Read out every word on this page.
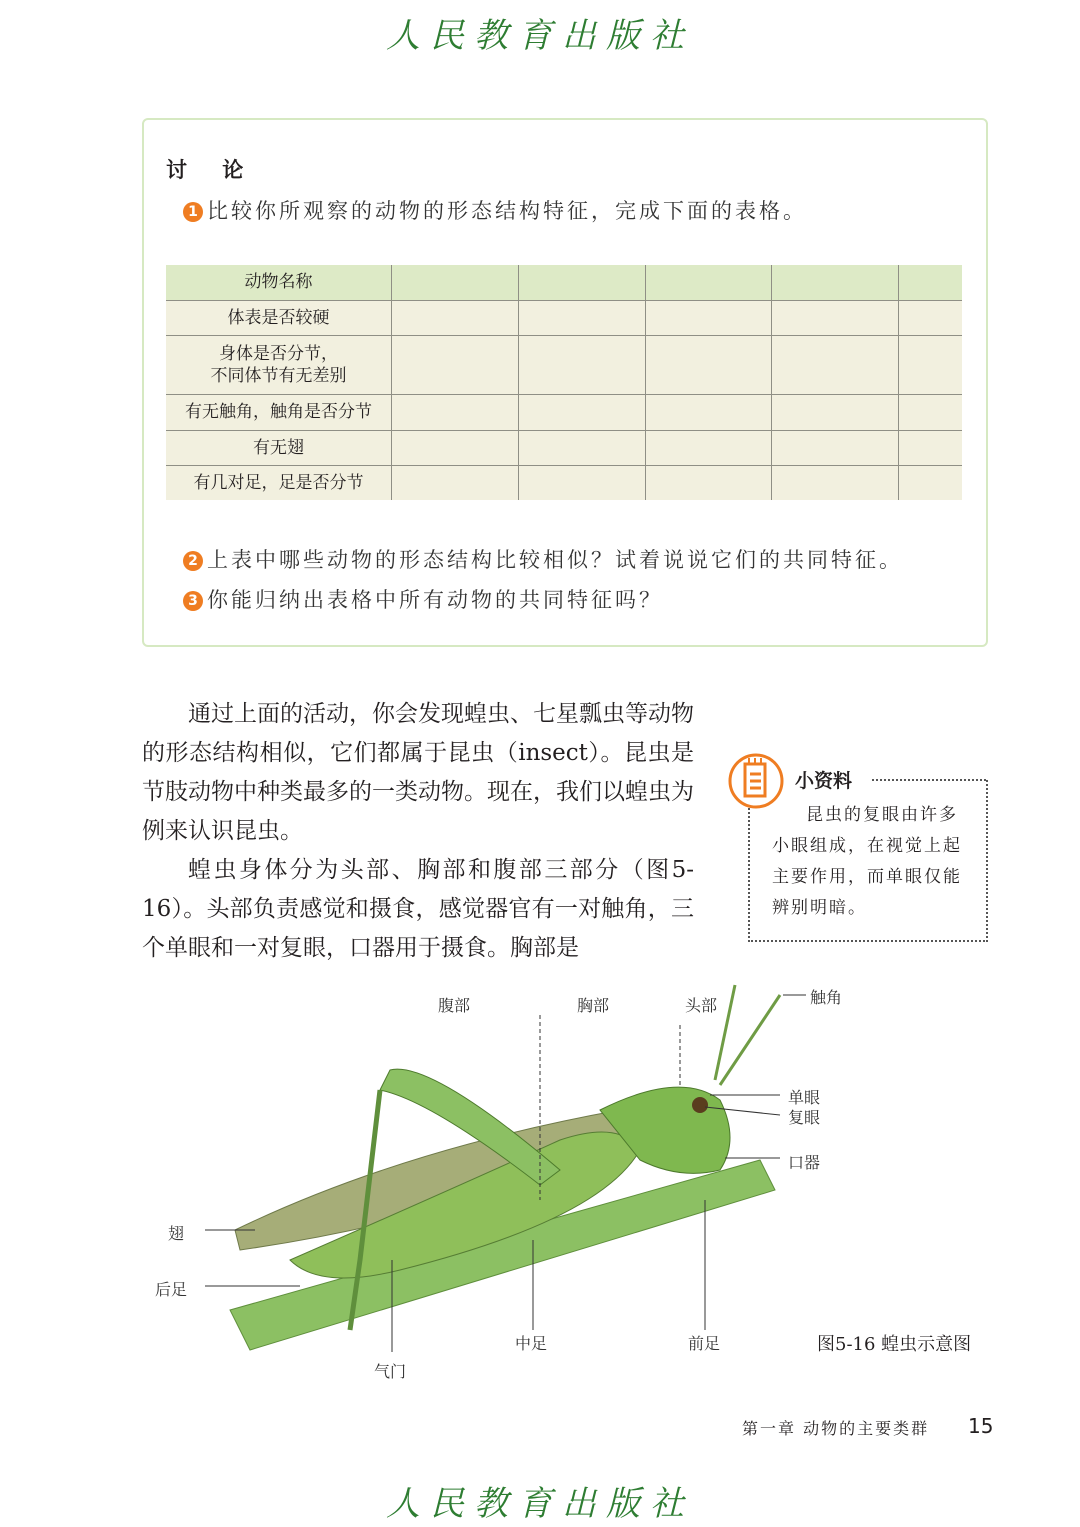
人民教育出版社
讨 论
1 比较你所观察的动物的形态结构特征，完成下面的表格。
动物名称					
体表是否较硬					
身体是否分节，
不同体节有无差别					
有无触角，触角是否分节					
有无翅					
有几对足，足是否分节					
2 上表中哪些动物的形态结构比较相似？试着说说它们的共同特征。
3 你能归纳出表格中所有动物的共同特征吗？

通过上面的活动，你会发现蝗虫、七星瓢虫等动物的形态结构相似，它们都属于昆虫（insect）。昆虫是节肢动物中种类最多的一类动物。现在，我们以蝗虫为例来认识昆虫。

蝗虫身体分为头部、胸部和腹部三部分（图5-16）。头部负责感觉和摄食，感觉器官有一对触角，三个单眼和一对复眼，口器用于摄食。胸部是

小资料
昆虫的复眼由许多小眼组成，在视觉上起主要作用，而单眼仅能辨别明暗。
腹部	胸部	头部	触角
单眼
复眼
口器
翅
后足
中足	前足
气门
图5-16 蝗虫示意图
第一章 动物的主要类群 15
人民教育出版社
